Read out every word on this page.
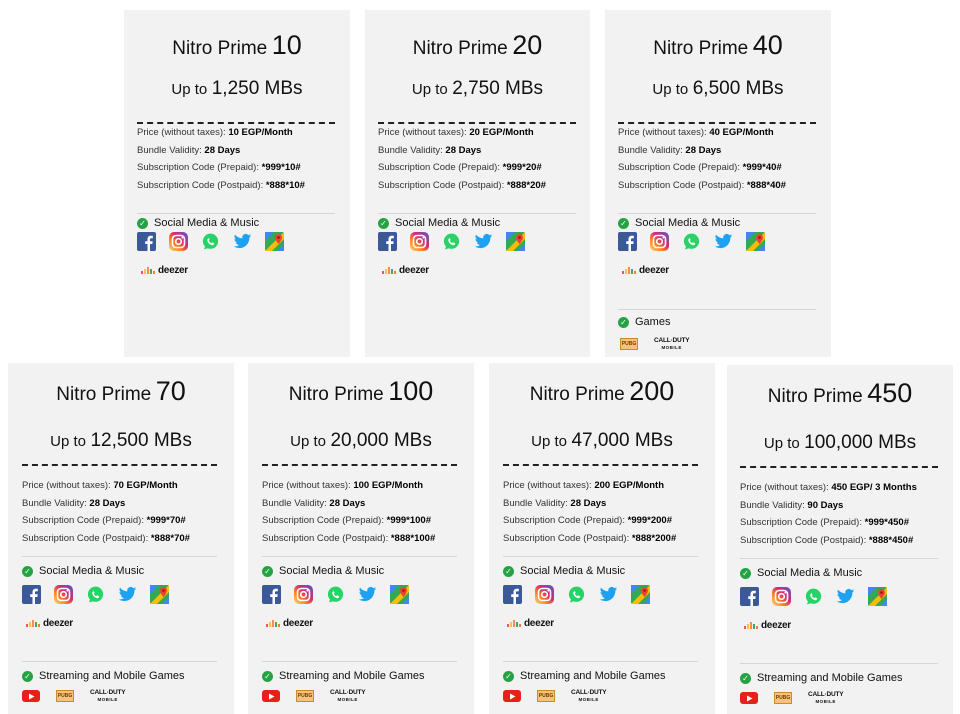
Nitro Prime 10
Up to 1,250 MBs
Price (without taxes): 10 EGP/Month
Bundle Validity: 28 Days
Subscription Code (Prepaid): *999*10#
Subscription Code (Postpaid): *888*10#
✓ Social Media & Music
deezer
Nitro Prime 20
Up to 2,750 MBs
Price (without taxes): 20 EGP/Month
Bundle Validity: 28 Days
Subscription Code (Prepaid): *999*20#
Subscription Code (Postpaid): *888*20#
✓ Social Media & Music
deezer
Nitro Prime 40
Up to 6,500 MBs
Price (without taxes): 40 EGP/Month
Bundle Validity: 28 Days
Subscription Code (Prepaid): *999*40#
Subscription Code (Postpaid): *888*40#
✓ Social Media & Music
deezer
✓ Games
PUBG	CALL·DUTY
MOBILE
Nitro Prime 70
Up to 12,500 MBs
Price (without taxes): 70 EGP/Month
Bundle Validity: 28 Days
Subscription Code (Prepaid): *999*70#
Subscription Code (Postpaid): *888*70#
✓ Social Media & Music
deezer
✓ Streaming and Mobile Games
PUBG	CALL·DUTY
MOBILE
Nitro Prime 100
Up to 20,000 MBs
Price (without taxes): 100 EGP/Month
Bundle Validity: 28 Days
Subscription Code (Prepaid): *999*100#
Subscription Code (Postpaid): *888*100#
✓ Social Media & Music
deezer
✓ Streaming and Mobile Games
PUBG	CALL·DUTY
MOBILE
Nitro Prime 200
Up to 47,000 MBs
Price (without taxes): 200 EGP/Month
Bundle Validity: 28 Days
Subscription Code (Prepaid): *999*200#
Subscription Code (Postpaid): *888*200#
✓ Social Media & Music
deezer
✓ Streaming and Mobile Games
PUBG	CALL·DUTY
MOBILE
Nitro Prime 450
Up to 100,000 MBs
Price (without taxes): 450 EGP/ 3 Months
Bundle Validity: 90 Days
Subscription Code (Prepaid): *999*450#
Subscription Code (Postpaid): *888*450#
✓ Social Media & Music
deezer
✓ Streaming and Mobile Games
PUBG	CALL·DUTY
MOBILE
